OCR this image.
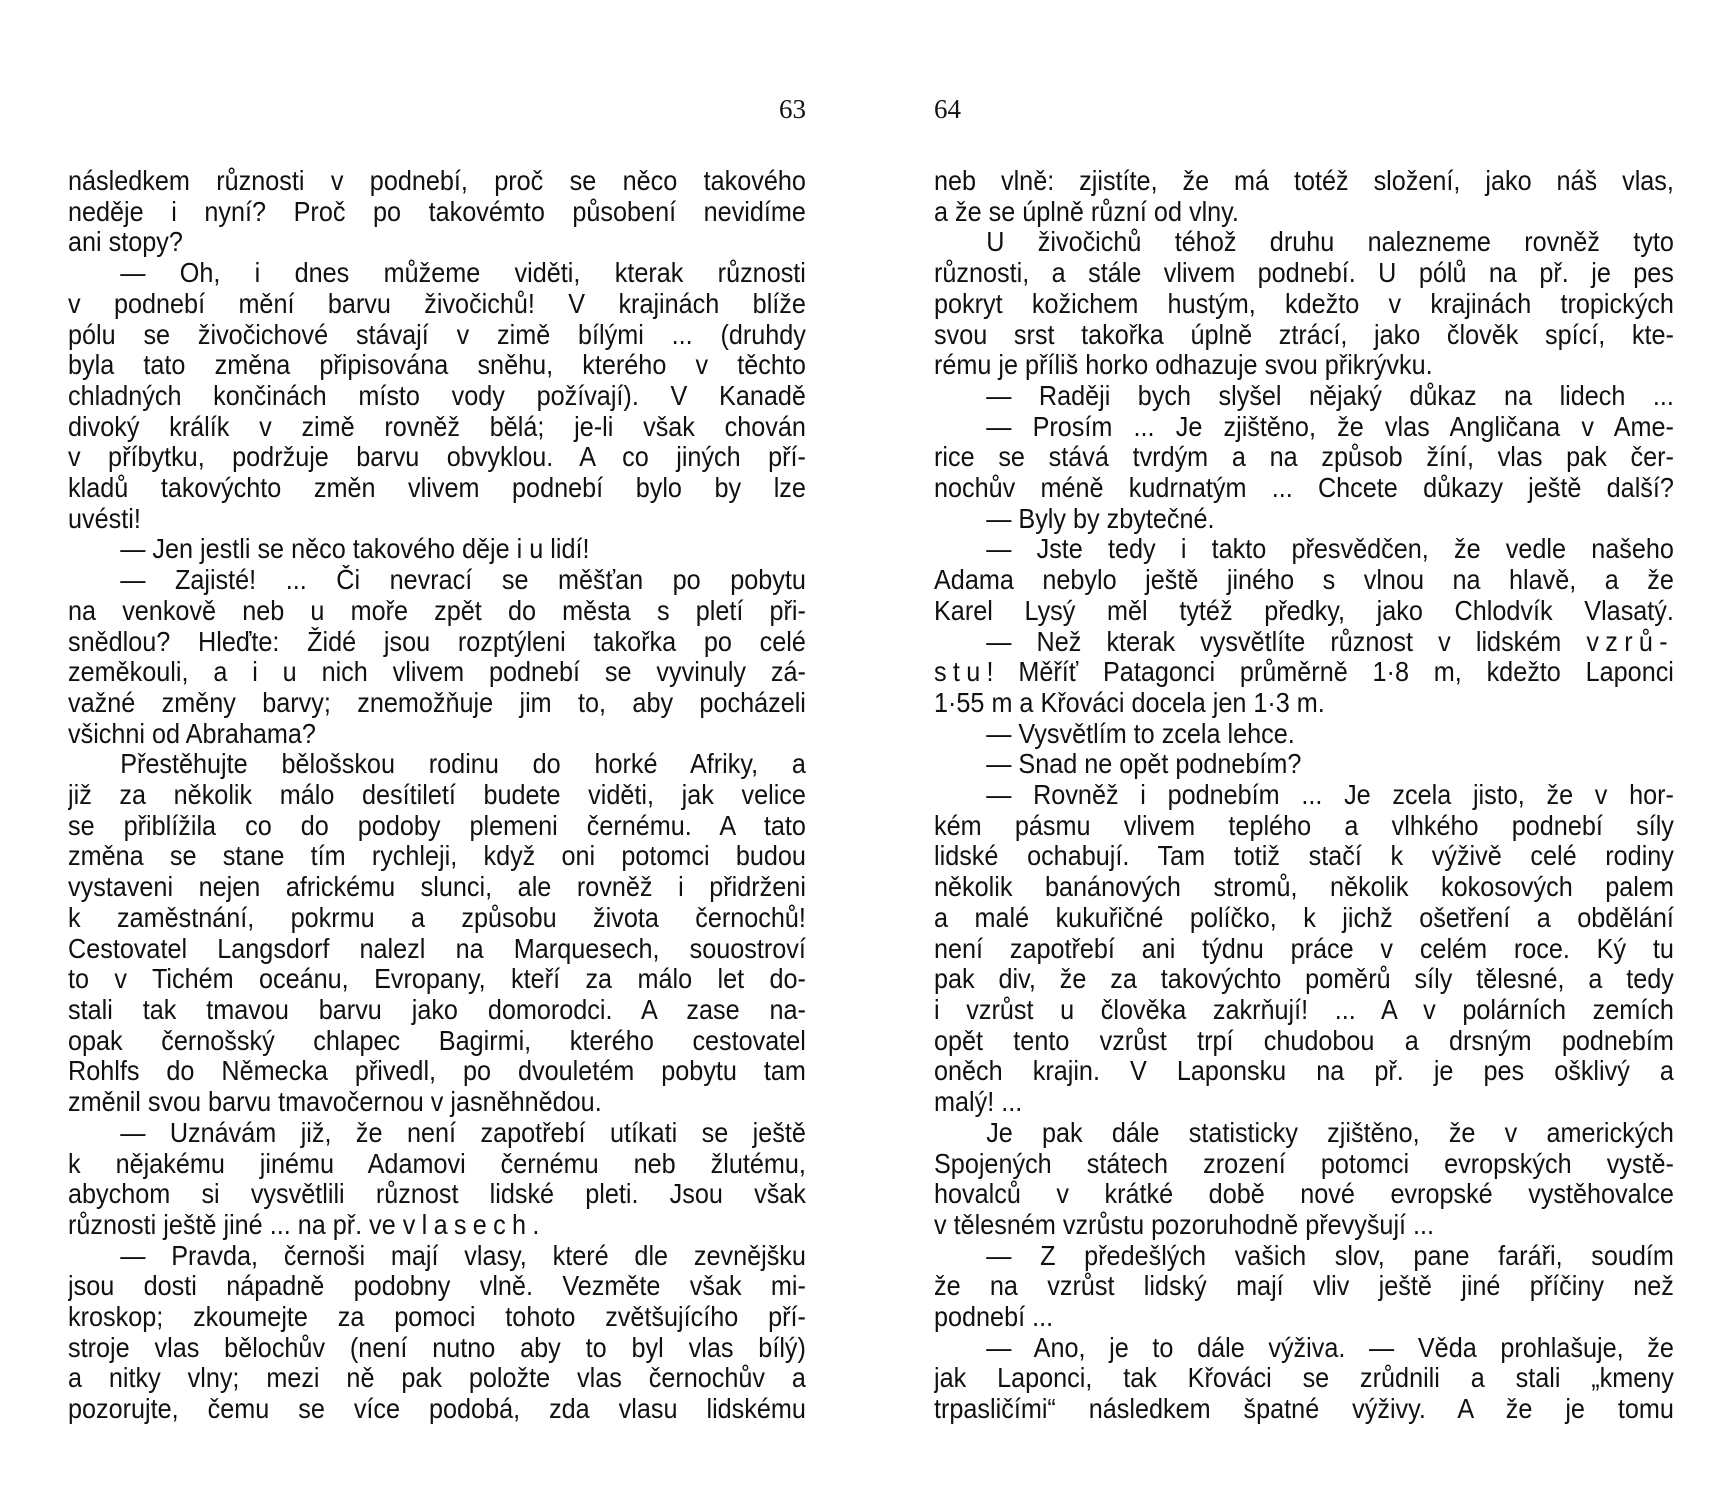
63
následkem různosti v podnebí, proč se něco takového
neděje i nyní? Proč po takovémto působení nevidíme
ani stopy?
— Oh, i dnes můžeme viděti, kterak různosti
v podnebí mění barvu živočichů! V krajinách blíže
pólu se živočichové stávají v zimě bílými ... (druhdy
byla tato změna připisována sněhu, kterého v těchto
chladných končinách místo vody požívají). V Kanadě
divoký králík v zimě rovněž bělá; je-li však chován
v příbytku, podržuje barvu obvyklou. A co jiných pří-
kladů takovýchto změn vlivem podnebí bylo by lze
uvésti!
— Jen jestli se něco takového děje i u lidí!
— Zajisté! ... Či nevrací se měšťan po pobytu
na venkově neb u moře zpět do města s pletí při-
snědlou? Hleďte: Židé jsou rozptýleni takořka po celé
zeměkouli, a i u nich vlivem podnebí se vyvinuly zá-
važné změny barvy; znemožňuje jim to, aby pocházeli
všichni od Abrahama?
Přestěhujte bělošskou rodinu do horké Afriky, a
již za několik málo desítiletí budete viděti, jak velice
se přiblížila co do podoby plemeni černému. A tato
změna se stane tím rychleji, když oni potomci budou
vystaveni nejen africkému slunci, ale rovněž i přidrženi
k zaměstnání, pokrmu a způsobu života černochů!
Cestovatel Langsdorf nalezl na Marquesech, souostroví
to v Tichém oceánu, Evropany, kteří za málo let do-
stali tak tmavou barvu jako domorodci. A zase na-
opak černošský chlapec Bagirmi, kterého cestovatel
Rohlfs do Německa přivedl, po dvouletém pobytu tam
změnil svou barvu tmavočernou v jasněhnědou.
— Uznávám již, že není zapotřebí utíkati se ještě
k nějakému jinému Adamovi černému neb žlutému,
abychom si vysvětlili různost lidské pleti. Jsou však
různosti ještě jiné ... na př. ve vlasech.
— Pravda, černoši mají vlasy, které dle zevnějšku
jsou dosti nápadně podobny vlně. Vezměte však mi-
kroskop; zkoumejte za pomoci tohoto zvětšujícího pří-
stroje vlas bělochův (není nutno aby to byl vlas bílý)
a nitky vlny; mezi ně pak položte vlas černochův a
pozorujte, čemu se více podobá, zda vlasu lidskému
64
neb vlně: zjistíte, že má totéž složení, jako náš vlas,
a že se úplně různí od vlny.
U živočichů téhož druhu nalezneme rovněž tyto
různosti, a stále vlivem podnebí. U pólů na př. je pes
pokryt kožichem hustým, kdežto v krajinách tropických
svou srst takořka úplně ztrácí, jako člověk spící, kte-
rému je příliš horko odhazuje svou přikrývku.
— Raději bych slyšel nějaký důkaz na lidech ...
— Prosím ... Je zjištěno, že vlas Angličana v Ame-
rice se stává tvrdým a na způsob žíní, vlas pak čer-
nochův méně kudrnatým ... Chcete důkazy ještě další?
— Byly by zbytečné.
— Jste tedy i takto přesvědčen, že vedle našeho
Adama nebylo ještě jiného s vlnou na hlavě, a že
Karel Lysý měl tytéž předky, jako Chlodvík Vlasatý.
— Než kterak vysvětlíte různost v lidském vzrů-
stu! Měříť Patagonci průměrně 1·8 m, kdežto Laponci
1·55 m a Křováci docela jen 1·3 m.
— Vysvětlím to zcela lehce.
— Snad ne opět podnebím?
— Rovněž i podnebím ... Je zcela jisto, že v hor-
kém pásmu vlivem teplého a vlhkého podnebí síly
lidské ochabují. Tam totiž stačí k výživě celé rodiny
několik banánových stromů, několik kokosových palem
a malé kukuřičné políčko, k jichž ošetření a obdělání
není zapotřebí ani týdnu práce v celém roce. Ký tu
pak div, že za takovýchto poměrů síly tělesné, a tedy
i vzrůst u člověka zakrňují! ... A v polárních zemích
opět tento vzrůst trpí chudobou a drsným podnebím
oněch krajin. V Laponsku na př. je pes ošklivý a
malý! ...
Je pak dále statisticky zjištěno, že v amerických
Spojených státech zrození potomci evropských vystě-
hovalců v krátké době nové evropské vystěhovalce
v tělesném vzrůstu pozoruhodně převyšují ...
— Z předešlých vašich slov, pane faráři, soudím
že na vzrůst lidský mají vliv ještě jiné příčiny než
podnebí ...
— Ano, je to dále výživa. — Věda prohlašuje, že
jak Laponci, tak Křováci se zrůdnili a stali „kmeny
trpasličími“ následkem špatné výživy. A že je tomu
